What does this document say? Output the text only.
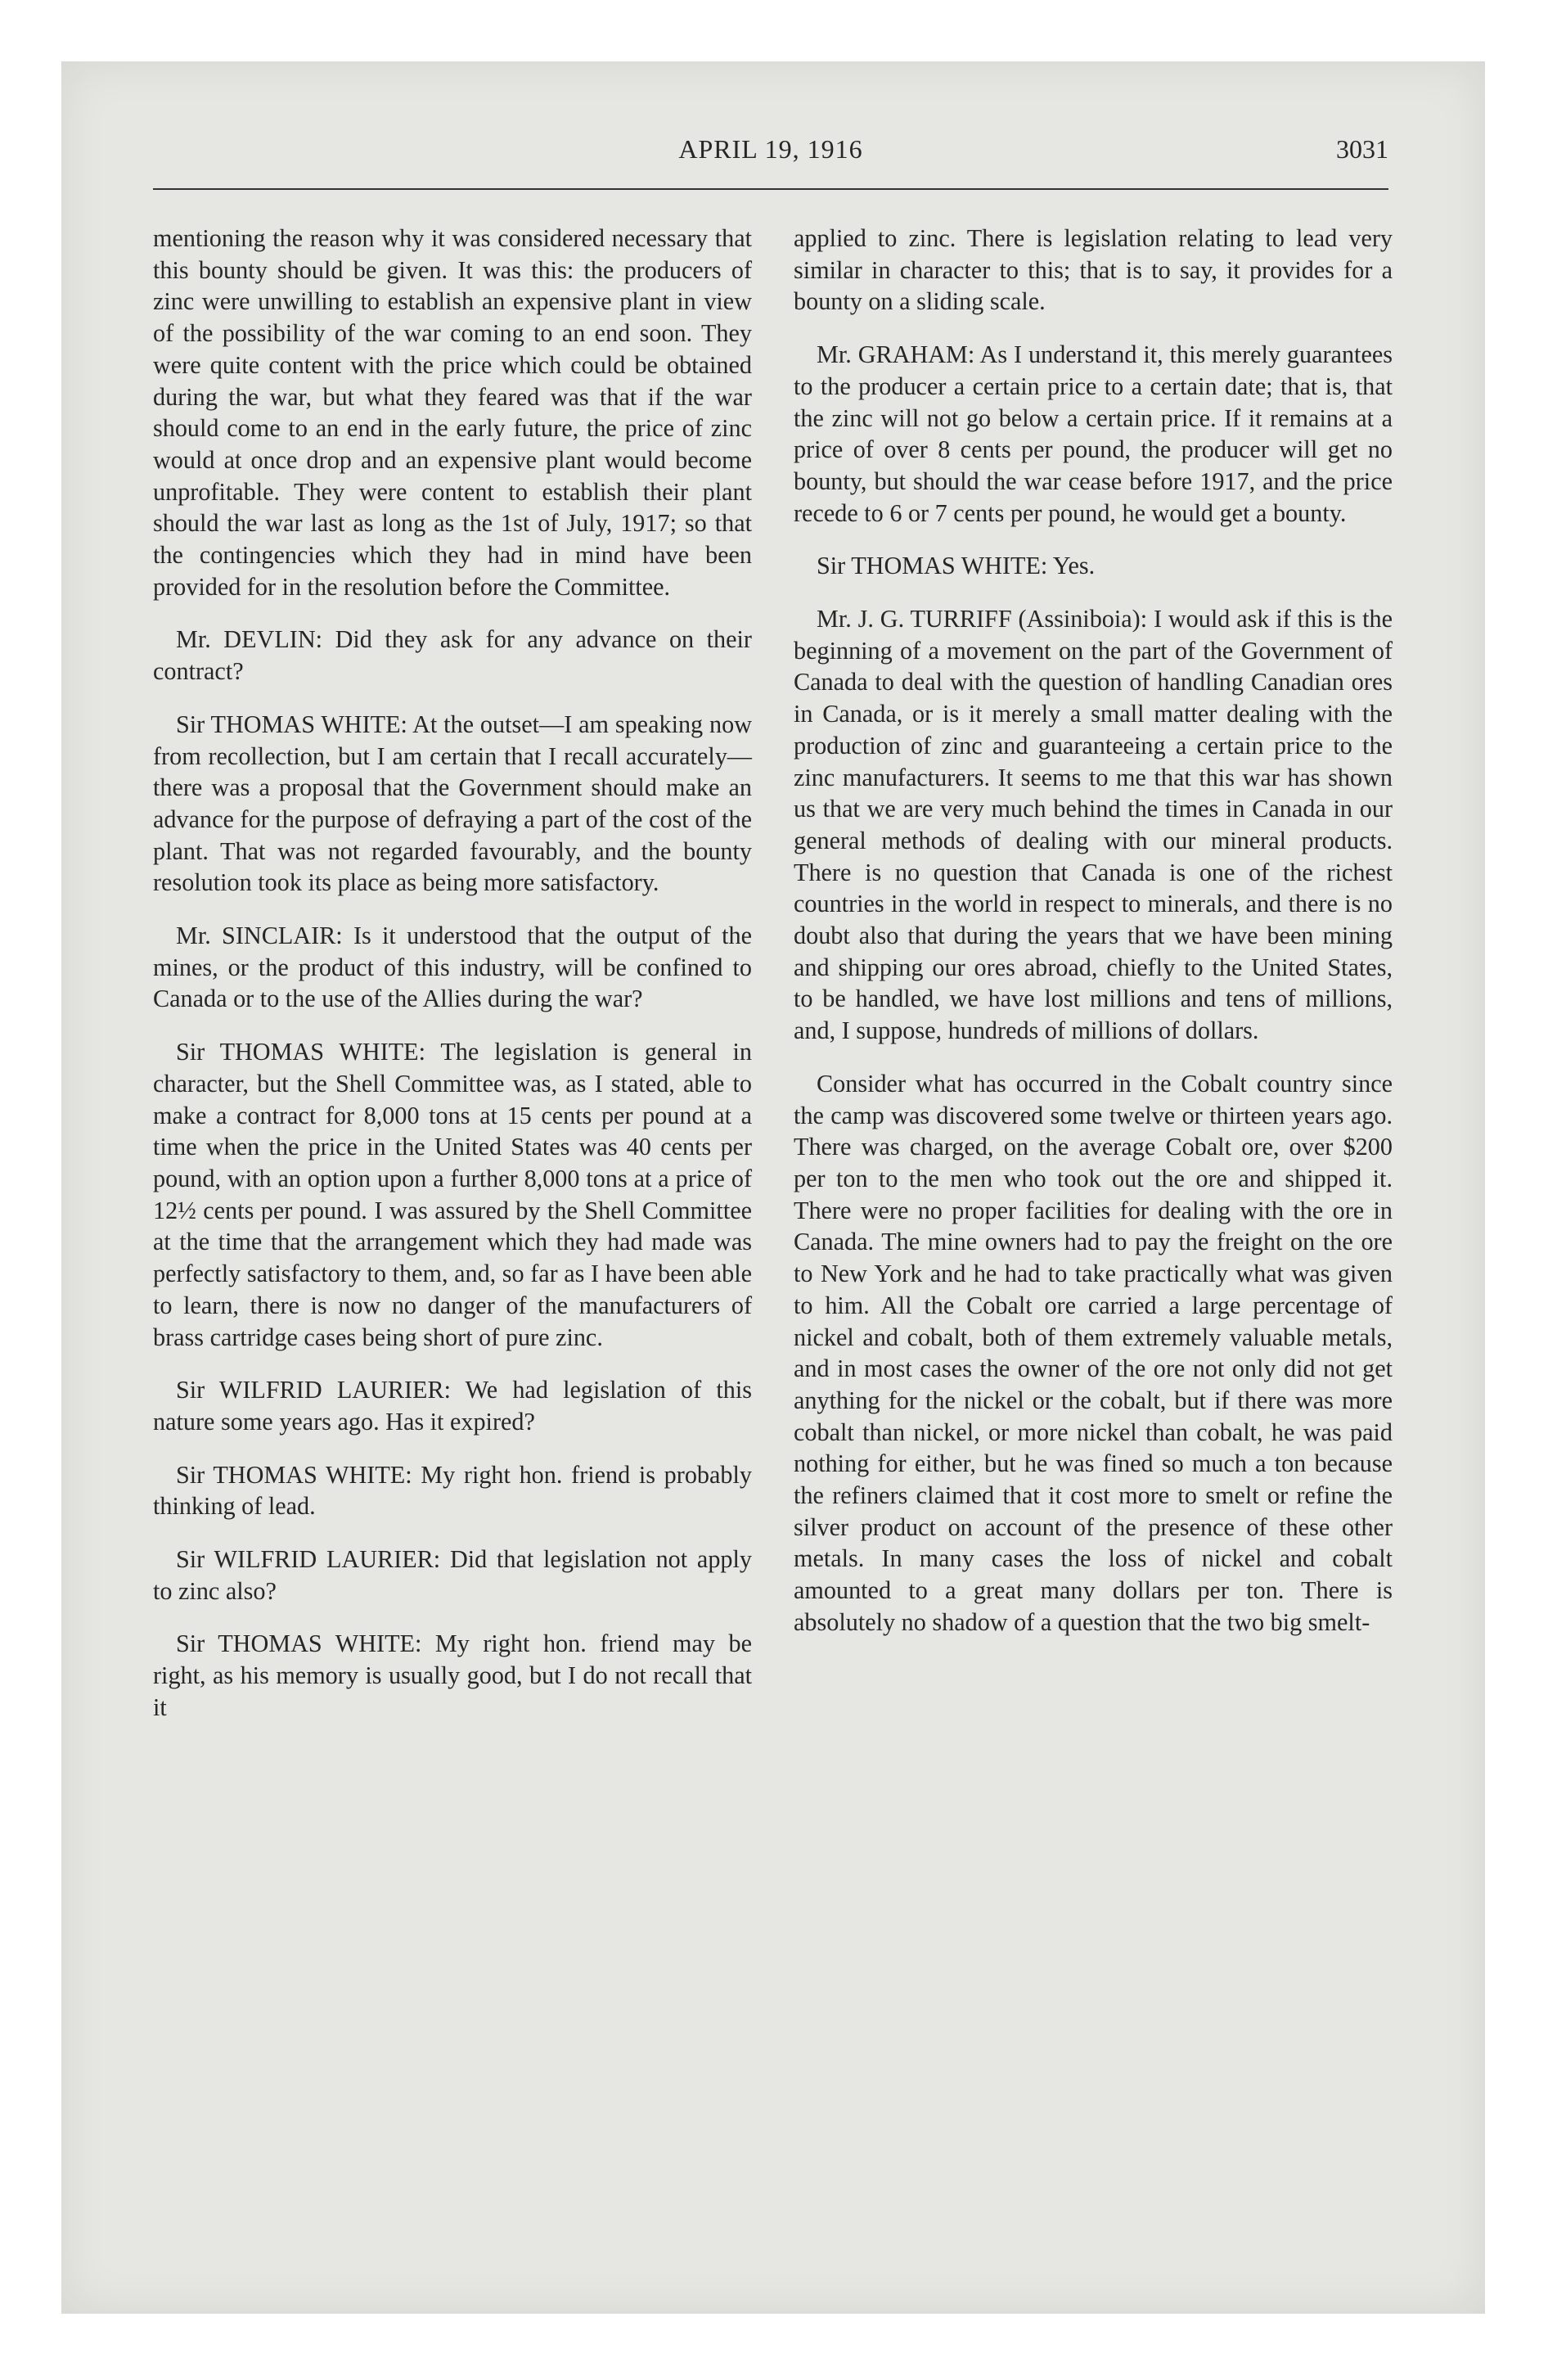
APRIL 19, 1916	3031

mentioning the reason why it was considered necessary that this bounty should be given. It was this: the producers of zinc were unwilling to establish an expensive plant in view of the possibility of the war coming to an end soon. They were quite content with the price which could be obtained during the war, but what they feared was that if the war should come to an end in the early future, the price of zinc would at once drop and an expensive plant would become unprofitable. They were content to establish their plant should the war last as long as the 1st of July, 1917; so that the contingencies which they had in mind have been provided for in the resolution before the Committee.

Mr. DEVLIN: Did they ask for any advance on their contract?

Sir THOMAS WHITE: At the outset—I am speaking now from recollection, but I am certain that I recall accurately—there was a proposal that the Government should make an advance for the purpose of defraying a part of the cost of the plant. That was not regarded favourably, and the bounty resolution took its place as being more satisfactory.

Mr. SINCLAIR: Is it understood that the output of the mines, or the product of this industry, will be confined to Canada or to the use of the Allies during the war?

Sir THOMAS WHITE: The legislation is general in character, but the Shell Committee was, as I stated, able to make a contract for 8,000 tons at 15 cents per pound at a time when the price in the United States was 40 cents per pound, with an option upon a further 8,000 tons at a price of 12½ cents per pound. I was assured by the Shell Committee at the time that the arrangement which they had made was perfectly satisfactory to them, and, so far as I have been able to learn, there is now no danger of the manufacturers of brass cartridge cases being short of pure zinc.

Sir WILFRID LAURIER: We had legislation of this nature some years ago. Has it expired?

Sir THOMAS WHITE: My right hon. friend is probably thinking of lead.

Sir WILFRID LAURIER: Did that legislation not apply to zinc also?

Sir THOMAS WHITE: My right hon. friend may be right, as his memory is usually good, but I do not recall that it

applied to zinc. There is legislation relating to lead very similar in character to this; that is to say, it provides for a bounty on a sliding scale.

Mr. GRAHAM: As I understand it, this merely guarantees to the producer a certain price to a certain date; that is, that the zinc will not go below a certain price. If it remains at a price of over 8 cents per pound, the producer will get no bounty, but should the war cease before 1917, and the price recede to 6 or 7 cents per pound, he would get a bounty.

Sir THOMAS WHITE: Yes.

Mr. J. G. TURRIFF (Assiniboia): I would ask if this is the beginning of a movement on the part of the Government of Canada to deal with the question of handling Canadian ores in Canada, or is it merely a small matter dealing with the production of zinc and guaranteeing a certain price to the zinc manufacturers. It seems to me that this war has shown us that we are very much behind the times in Canada in our general methods of dealing with our mineral products. There is no question that Canada is one of the richest countries in the world in respect to minerals, and there is no doubt also that during the years that we have been mining and shipping our ores abroad, chiefly to the United States, to be handled, we have lost millions and tens of millions, and, I suppose, hundreds of millions of dollars.

Consider what has occurred in the Cobalt country since the camp was discovered some twelve or thirteen years ago. There was charged, on the average Cobalt ore, over $200 per ton to the men who took out the ore and shipped it. There were no proper facilities for dealing with the ore in Canada. The mine owners had to pay the freight on the ore to New York and he had to take practically what was given to him. All the Cobalt ore carried a large percentage of nickel and cobalt, both of them extremely valuable metals, and in most cases the owner of the ore not only did not get anything for the nickel or the cobalt, but if there was more cobalt than nickel, or more nickel than cobalt, he was paid nothing for either, but he was fined so much a ton because the refiners claimed that it cost more to smelt or refine the silver product on account of the presence of these other metals. In many cases the loss of nickel and cobalt amounted to a great many dollars per ton. There is absolutely no shadow of a question that the two big smelt-
